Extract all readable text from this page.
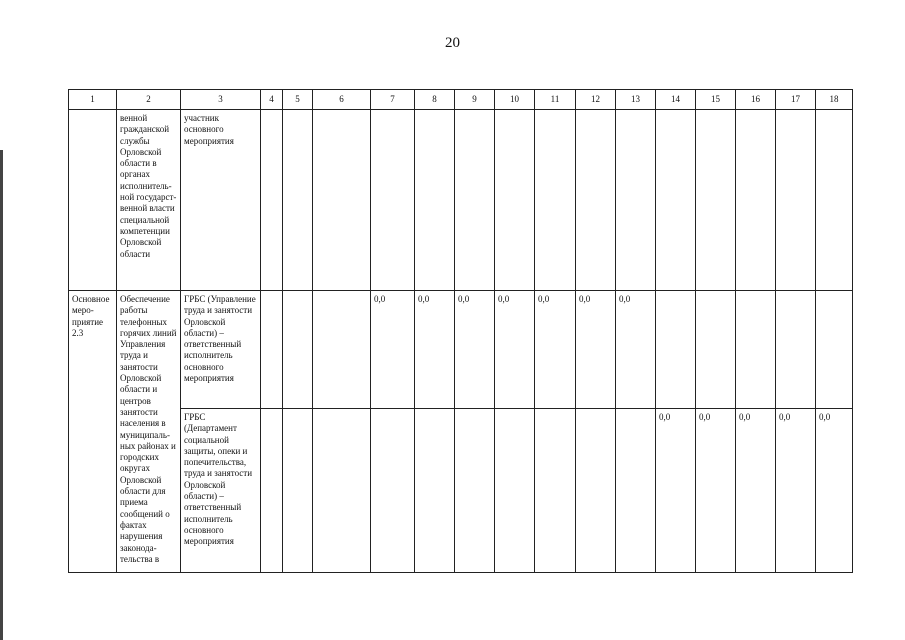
20
1	2	3	4	5	6	7	8	9	10	11	12	13	14	15	16	17	18
	венной гражданской службы Орловской области в органах исполнитель-ной государст-венной власти специальной компетенции Орловской области	участник основного мероприятия															
Основное меро-приятие 2.3	Обеспечение работы телефонных горячих линий Управления труда и занятости Орловской области и центров занятости населения в муниципаль-ных районах и городских округах Орловской области для приема сообщений о фактах нарушения законода-тельства в	ГРБС (Управление труда и занятости Орловской области) – ответственный исполнитель основного мероприятия				0,0	0,0	0,0	0,0	0,0	0,0	0,0					
		ГРБС (Департамент социальной защиты, опеки и попечительства, труда и занятости Орловской области) – ответственный исполнитель основного мероприятия											0,0	0,0	0,0	0,0	0,0
